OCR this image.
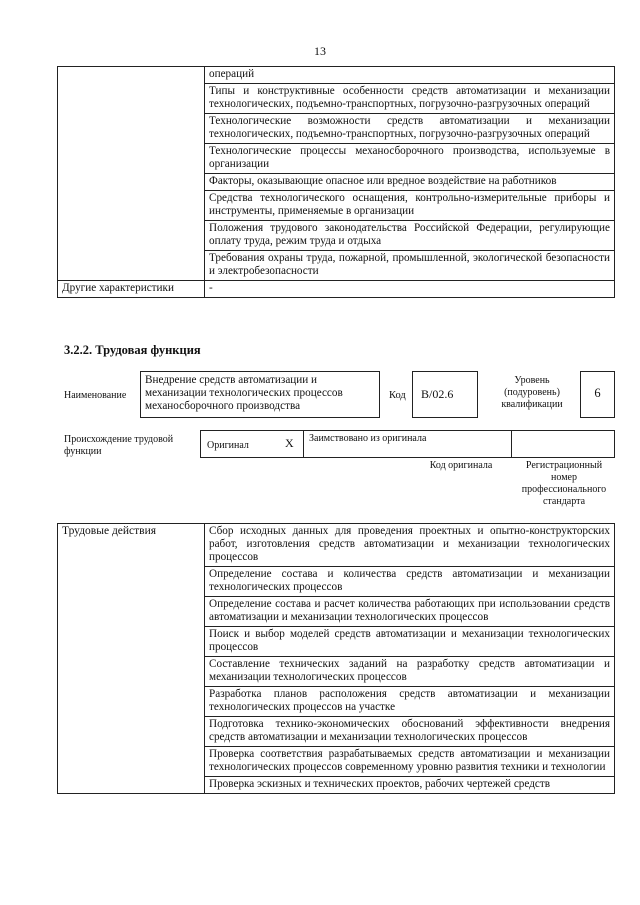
13
	операций
	Типы и конструктивные особенности средств автоматизации и механизации технологических, подъемно-транспортных, погрузочно-разгрузочных операций
	Технологические возможности средств автоматизации и механизации технологических, подъемно-транспортных, погрузочно-разгрузочных операций
	Технологические процессы механосборочного производства, используемые в организации
	Факторы, оказывающие опасное или вредное воздействие на работников
	Средства технологического оснащения, контрольно-измерительные приборы и инструменты, применяемые в организации
	Положения трудового законодательства Российской Федерации, регулирующие оплату труда, режим труда и отдыха
	Требования охраны труда, пожарной, промышленной, экологической безопасности и электробезопасности
Другие характеристики	-
3.2.2. Трудовая функция
Наименование
Внедрение средств автоматизации и механизации технологических процессов механосборочного производства
Код	В/02.6
Уровень (подуровень) квалификации
6
Происхождение трудовой функции
Оригинал	X	Заимствовано из оригинала
Код оригинала	Регистрационный номер профессионального стандарта
Трудовые действия	Сбор исходных данных для проведения проектных и опытно-конструкторских работ, изготовления средств автоматизации и механизации технологических процессов
Определение состава и количества средств автоматизации и механизации технологических процессов
Определение состава и расчет количества работающих при использовании средств автоматизации и механизации технологических процессов
Поиск и выбор моделей средств автоматизации и механизации технологических процессов
Составление технических заданий на разработку средств автоматизации и механизации технологических процессов
Разработка планов расположения средств автоматизации и механизации технологических процессов на участке
Подготовка технико-экономических обоснований эффективности внедрения средств автоматизации и механизации технологических процессов
Проверка соответствия разрабатываемых средств автоматизации и механизации технологических процессов современному уровню развития техники и технологии
Проверка эскизных и технических проектов, рабочих чертежей средств
